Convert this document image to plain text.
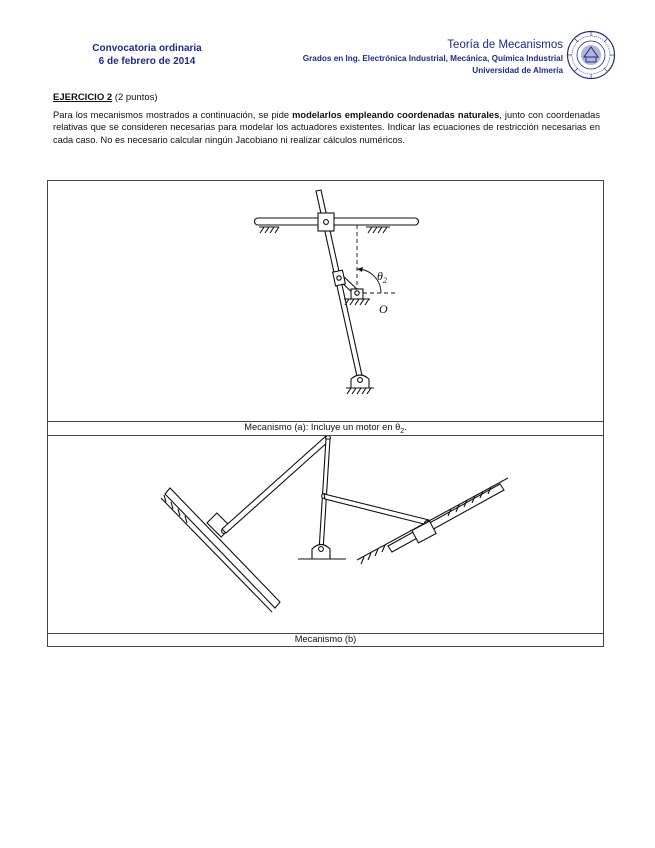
Convocatoria ordinaria
6 de febrero de 2014
Teoría de Mecanismos
Grados en Ing. Electrónica Industrial, Mecánica, Química Industrial
Universidad de Almería
EJERCICIO 2 (2 puntos)

Para los mecanismos mostrados a continuación, se pide modelarlos empleando coordenadas naturales, junto con coordenadas relativas que se consideren necesarias para modelar los actuadores existentes. Indicar las ecuaciones de restricción necesarias en cada caso. No es necesario calcular ningún Jacobiano ni realizar cálculos numéricos.

$\theta_2$
O
Mecanismo (a): Incluye un motor en $\theta_2$.
Mecanismo (b)
